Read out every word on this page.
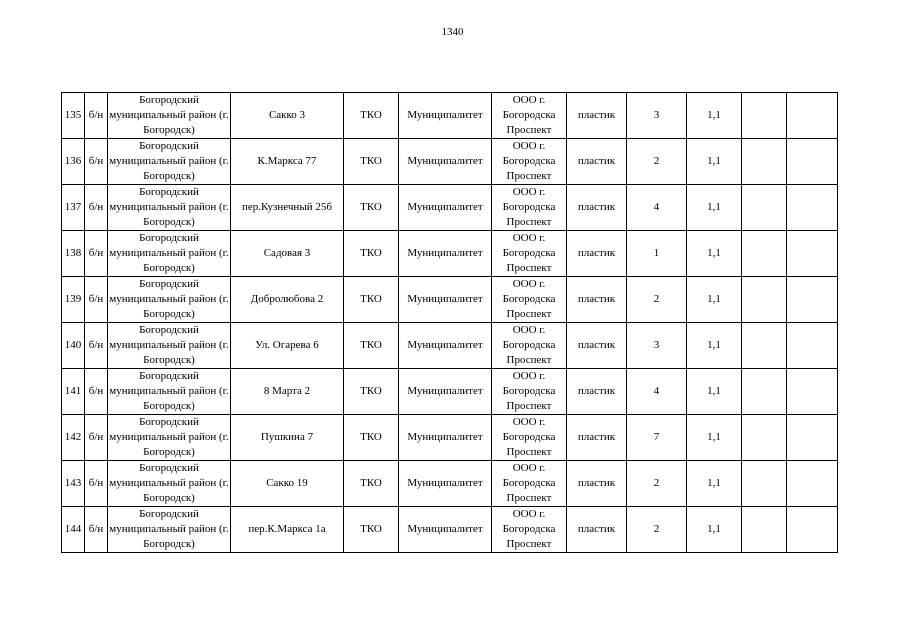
1340
135	б/н	Богородский муниципальный район (г. Богородск)	Сакко 3	ТКО	Муниципалитет	ООО г. Богородска Проспект	пластик	3	1,1		
136	б/н	Богородский муниципальный район (г. Богородск)	К.Маркса 77	ТКО	Муниципалитет	ООО г. Богородска Проспект	пластик	2	1,1		
137	б/н	Богородский муниципальный район (г. Богородск)	пер.Кузнечный 25б	ТКО	Муниципалитет	ООО г. Богородска Проспект	пластик	4	1,1		
138	б/н	Богородский муниципальный район (г. Богородск)	Садовая 3	ТКО	Муниципалитет	ООО г. Богородска Проспект	пластик	1	1,1		
139	б/н	Богородский муниципальный район (г. Богородск)	Добролюбова 2	ТКО	Муниципалитет	ООО г. Богородска Проспект	пластик	2	1,1		
140	б/н	Богородский муниципальный район (г. Богородск)	Ул. Огарева 6	ТКО	Муниципалитет	ООО г. Богородска Проспект	пластик	3	1,1		
141	б/н	Богородский муниципальный район (г. Богородск)	8 Марта 2	ТКО	Муниципалитет	ООО г. Богородска Проспект	пластик	4	1,1		
142	б/н	Богородский муниципальный район (г. Богородск)	Пушкина 7	ТКО	Муниципалитет	ООО г. Богородска Проспект	пластик	7	1,1		
143	б/н	Богородский муниципальный район (г. Богородск)	Сакко 19	ТКО	Муниципалитет	ООО г. Богородска Проспект	пластик	2	1,1		
144	б/н	Богородский муниципальный район (г. Богородск)	пер.К.Маркса 1а	ТКО	Муниципалитет	ООО г. Богородска Проспект	пластик	2	1,1		
